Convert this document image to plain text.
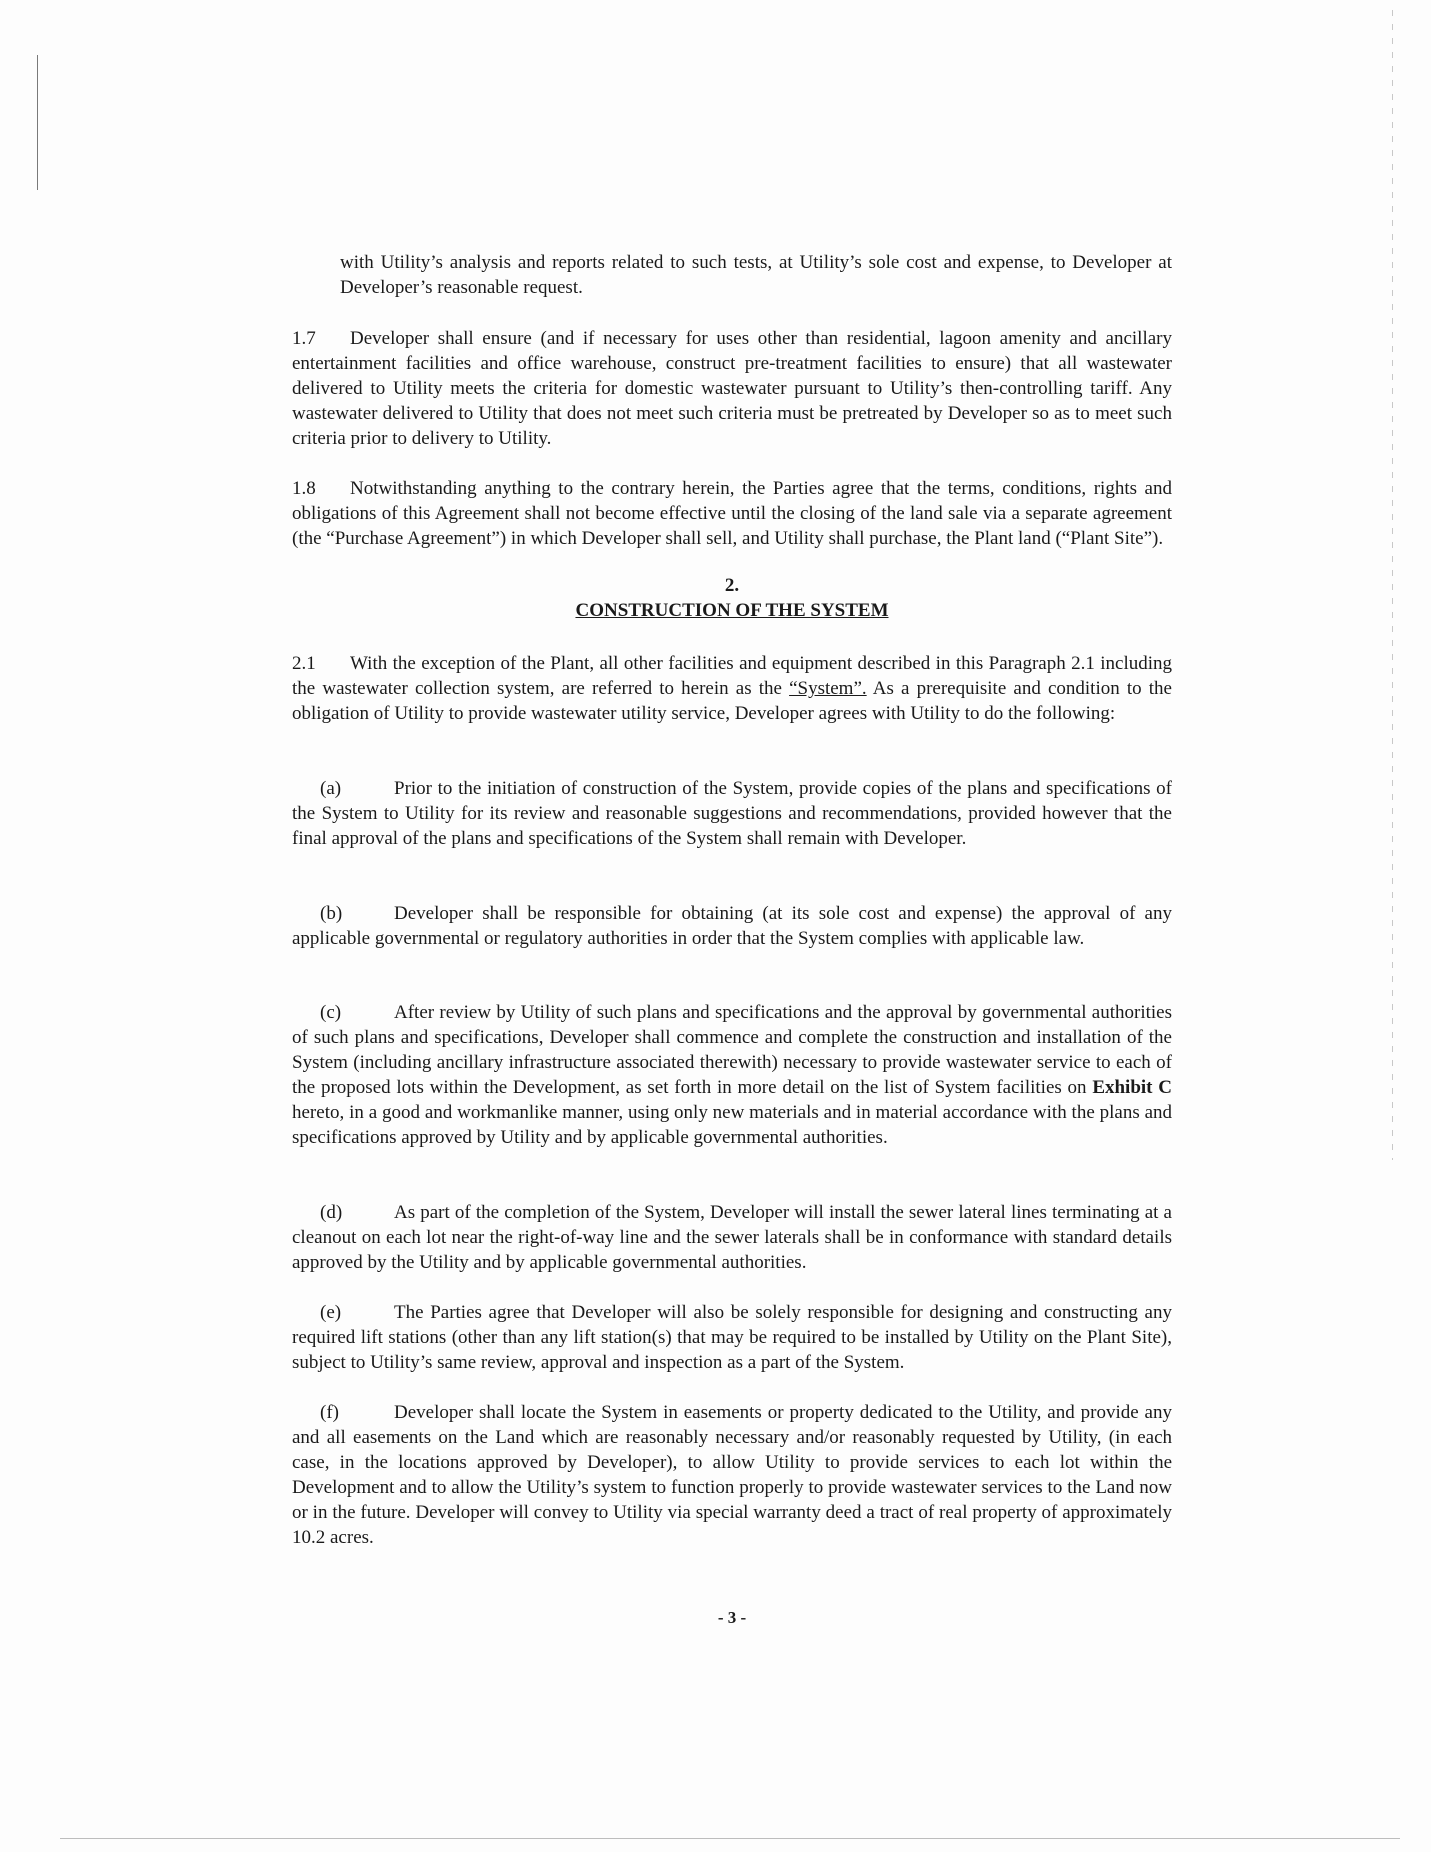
with Utility’s analysis and reports related to such tests, at Utility’s sole cost and expense, to Developer at Developer’s reasonable request.

1.7 Developer shall ensure (and if necessary for uses other than residential, lagoon amenity and ancillary entertainment facilities and office warehouse, construct pre-treatment facilities to ensure) that all wastewater delivered to Utility meets the criteria for domestic wastewater pursuant to Utility’s then-controlling tariff. Any wastewater delivered to Utility that does not meet such criteria must be pretreated by Developer so as to meet such criteria prior to delivery to Utility.

1.8 Notwithstanding anything to the contrary herein, the Parties agree that the terms, conditions, rights and obligations of this Agreement shall not become effective until the closing of the land sale via a separate agreement (the “Purchase Agreement”) in which Developer shall sell, and Utility shall purchase, the Plant land (“Plant Site”).

2.
CONSTRUCTION OF THE SYSTEM

2.1 With the exception of the Plant, all other facilities and equipment described in this Paragraph 2.1 including the wastewater collection system, are referred to herein as the “System”. As a prerequisite and condition to the obligation of Utility to provide wastewater utility service, Developer agrees with Utility to do the following:

(a)	Prior to the initiation of construction of the System, provide copies of the plans and specifications of the System to Utility for its review and reasonable suggestions and recommendations, provided however that the final approval of the plans and specifications of the System shall remain with Developer.

(b)	Developer shall be responsible for obtaining (at its sole cost and expense) the approval of any applicable governmental or regulatory authorities in order that the System complies with applicable law.

(c)	After review by Utility of such plans and specifications and the approval by governmental authorities of such plans and specifications, Developer shall commence and complete the construction and installation of the System (including ancillary infrastructure associated therewith) necessary to provide wastewater service to each of the proposed lots within the Development, as set forth in more detail on the list of System facilities on Exhibit C hereto, in a good and workmanlike manner, using only new materials and in material accordance with the plans and specifications approved by Utility and by applicable governmental authorities.

(d)	As part of the completion of the System, Developer will install the sewer lateral lines terminating at a cleanout on each lot near the right-of-way line and the sewer laterals shall be in conformance with standard details approved by the Utility and by applicable governmental authorities.

(e)	The Parties agree that Developer will also be solely responsible for designing and constructing any required lift stations (other than any lift station(s) that may be required to be installed by Utility on the Plant Site), subject to Utility’s same review, approval and inspection as a part of the System.

(f)	Developer shall locate the System in easements or property dedicated to the Utility, and provide any and all easements on the Land which are reasonably necessary and/or reasonably requested by Utility, (in each case, in the locations approved by Developer), to allow Utility to provide services to each lot within the Development and to allow the Utility’s system to function properly to provide wastewater services to the Land now or in the future. Developer will convey to Utility via special warranty deed a tract of real property of approximately 10.2 acres.

- 3 -
